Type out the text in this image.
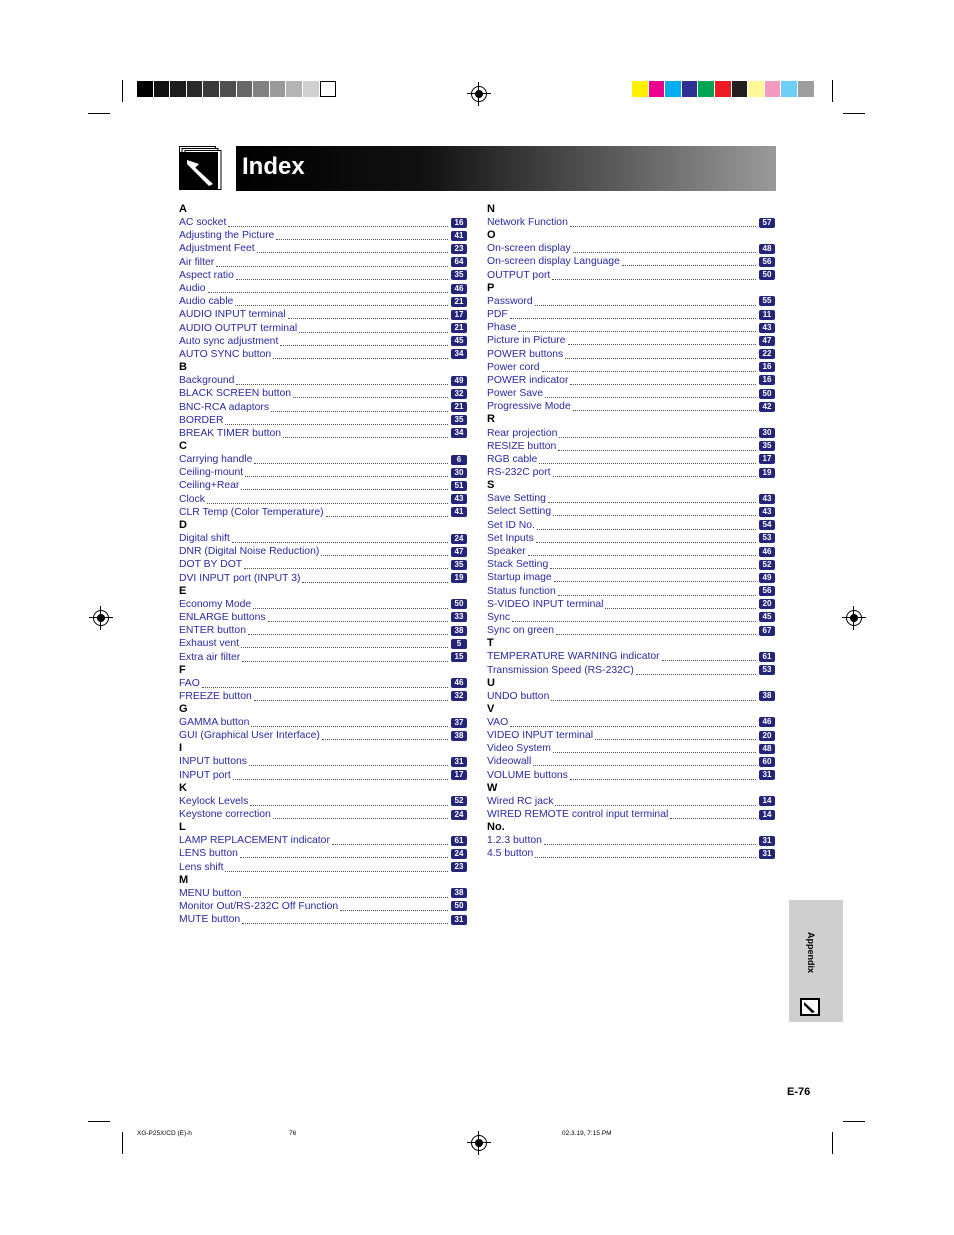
Index
A
AC socket	16
Adjusting the Picture	41
Adjustment Feet	23
Air filter	64
Aspect ratio	35
Audio	46
Audio cable	21
AUDIO INPUT terminal	17
AUDIO OUTPUT terminal	21
Auto sync adjustment	45
AUTO SYNC button	34
B
Background	49
BLACK SCREEN button	32
BNC-RCA adaptors	21
BORDER	35
BREAK TIMER button	34
C
Carrying handle	6
Ceiling-mount	30
Ceiling+Rear	51
Clock	43
CLR Temp (Color Temperature)	41
D
Digital shift	24
DNR (Digital Noise Reduction)	47
DOT BY DOT	35
DVI INPUT port (INPUT 3)	19
E
Economy Mode	50
ENLARGE buttons	33
ENTER button	38
Exhaust vent	5
Extra air filter	15
F
FAO	46
FREEZE button	32
G
GAMMA button	37
GUI (Graphical User Interface)	38
I
INPUT buttons	31
INPUT port	17
K
Keylock Levels	52
Keystone correction	24
L
LAMP REPLACEMENT indicator	61
LENS button	24
Lens shift	23
M
MENU button	38
Monitor Out/RS-232C Off Function	50
MUTE button	31
N
Network Function	57
O
On-screen display	48
On-screen display Language	56
OUTPUT port	50
P
Password	55
PDF	11
Phase	43
Picture in Picture	47
POWER buttons	22
Power cord	16
POWER indicator	16
Power Save	50
Progressive Mode	42
R
Rear projection	30
RESIZE button	35
RGB cable	17
RS-232C port	19
S
Save Setting	43
Select Setting	43
Set ID No.	54
Set Inputs	53
Speaker	46
Stack Setting	52
Startup image	49
Status function	56
S-VIDEO INPUT terminal	20
Sync	45
Sync on green	67
T
TEMPERATURE WARNING indicator	61
Transmission Speed (RS-232C)	53
U
UNDO button	38
V
VAO	46
VIDEO INPUT terminal	20
Video System	48
Videowall	60
VOLUME buttons	31
W
Wired RC jack	14
WIRED REMOTE control input terminal	14
No.
1.2.3 button	31
4.5 button	31
Appendix
E-76
XG-P25X/CD (E)-h	76	02.3.19, 7:15 PM
